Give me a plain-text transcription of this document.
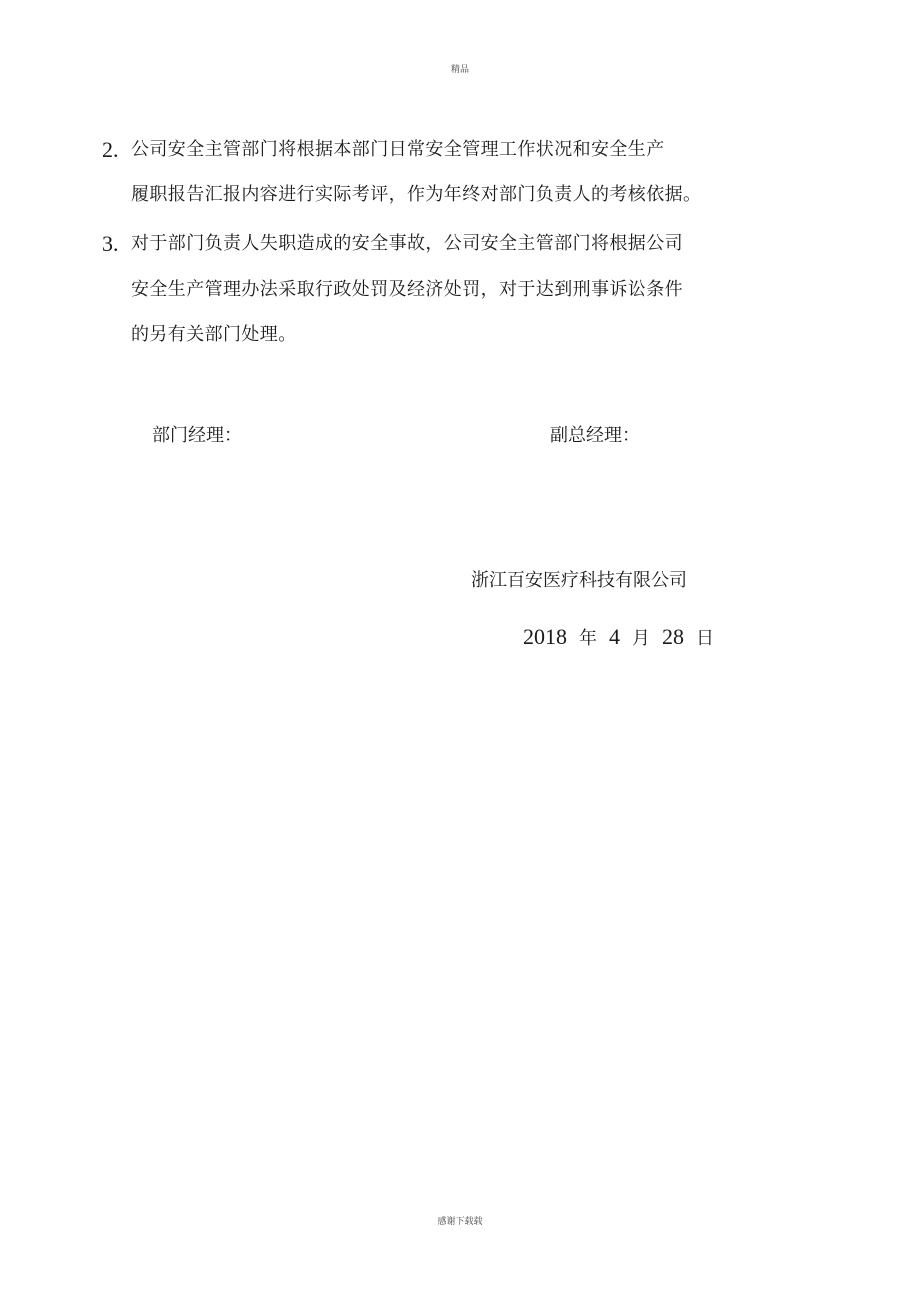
精品
2. 公司安全主管部门将根据本部门日常安全管理工作状况和安全生产
履职报告汇报内容进行实际考评，作为年终对部门负责人的考核依据。
3. 对于部门负责人失职造成的安全事故，公司安全主管部门将根据公司
安全生产管理办法采取行政处罚及经济处罚，对于达到刑事诉讼条件
的另有关部门处理。
部门经理：	副总经理：
浙江百安医疗科技有限公司
2018 年 4 月 28 日
感谢下载载
